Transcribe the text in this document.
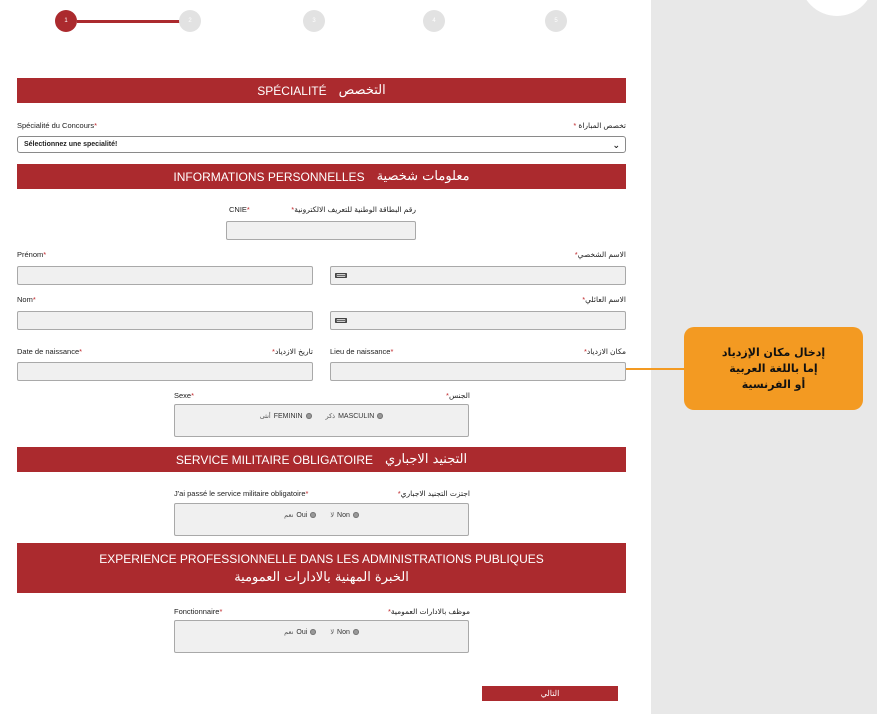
1	2	3	4	5
SPÉCIALITÉ التخصص
Spécialité du Concours*	تخصص المباراة *
Sélectionnez une specialité!	⌄
INFORMATIONS PERSONNELLES معلومات شخصية
CNIE*	رقم البطاقة الوطنية للتعريف الالكترونية*
Prénom*	الاسم الشخصي*
Nom*	الاسم العائلي*
Date de naissance*	تاريخ الازدياد*	Lieu de naissance*	مكان الازدياد*
Sexe*	الجنس*
ذكر MASCULIN
أنثى FEMININ
SERVICE MILITAIRE OBLIGATOIRE التجنيد الاجباري
J'ai passé le service militaire obligatoire*	اجتزت التجنيد الاجباري*
لا Non
نعم Oui
EXPERIENCE PROFESSIONNELLE DANS LES ADMINISTRATIONS PUBLIQUES
الخبرة المهنية بالادارات العمومية
Fonctionnaire*	موظف بالادارات العمومية*
لا Non
نعم Oui
التالي
إدخال مكان الإزدياد
إما باللغة العربية
أو الفرنسية
